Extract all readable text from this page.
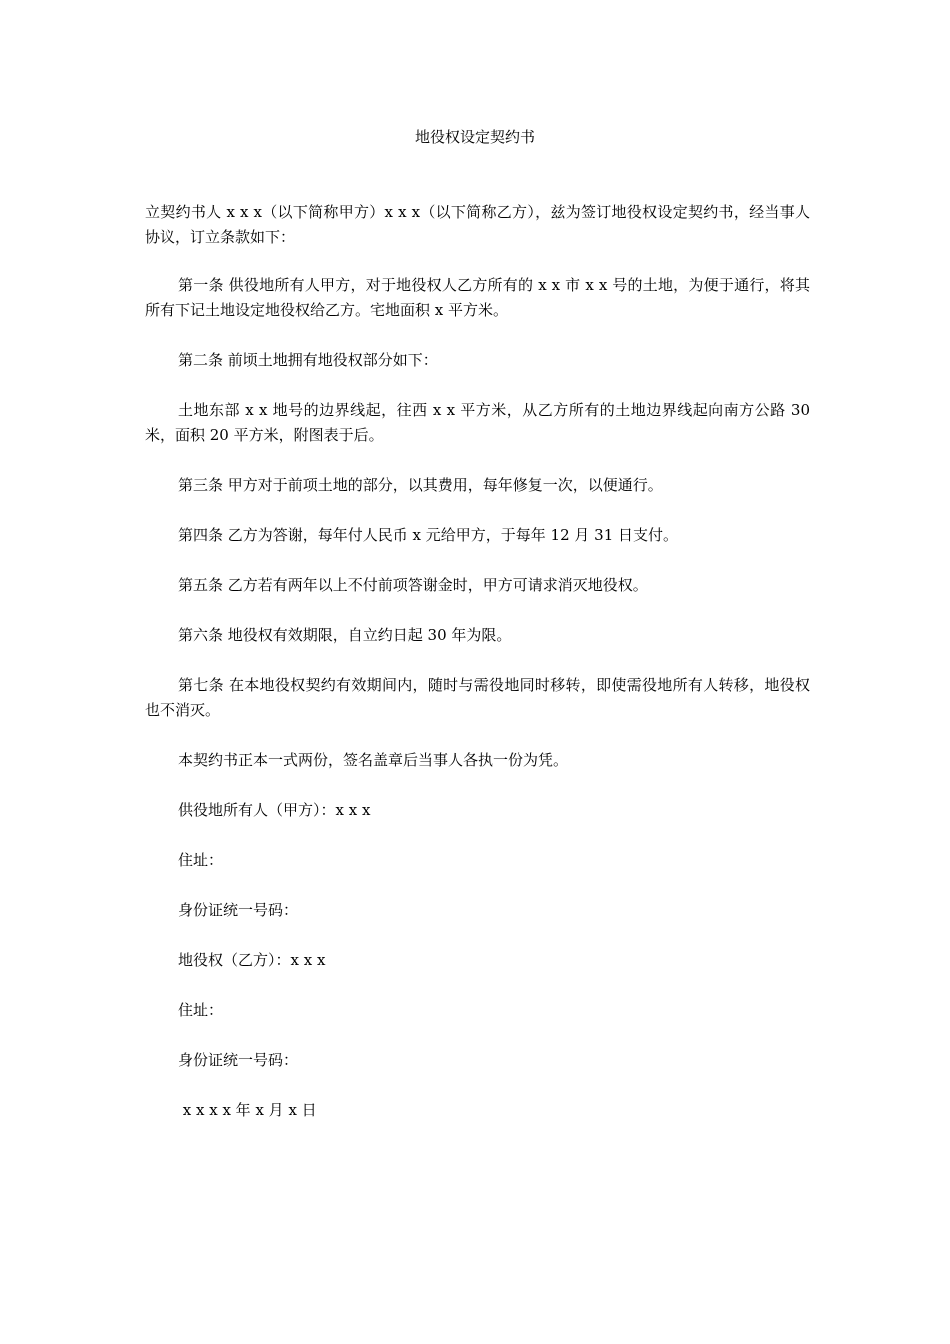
地役权设定契约书
立契约书人 x x x（以下简称甲方）x x x（以下简称乙方），兹为签订地役权设定契约书，经当事人协议，订立条款如下：
第一条 供役地所有人甲方，对于地役权人乙方所有的 x x 市 x x 号的土地，为便于通行，将其所有下记土地设定地役权给乙方。宅地面积 x 平方米。
第二条 前顷土地拥有地役权部分如下：
土地东部 x x 地号的边界线起，往西 x x 平方米，从乙方所有的土地边界线起向南方公路 30 米，面积 20 平方米，附图表于后。
第三条 甲方对于前项土地的部分，以其费用，每年修复一次，以便通行。
第四条 乙方为答谢，每年付人民币 x 元给甲方，于每年 12 月 31 日支付。
第五条 乙方若有两年以上不付前项答谢金时，甲方可请求消灭地役权。
第六条 地役权有效期限，自立约日起 30 年为限。
第七条 在本地役权契约有效期间内，随时与需役地同时移转，即使需役地所有人转移，地役权也不消灭。
本契约书正本一式两份，签名盖章后当事人各执一份为凭。
供役地所有人（甲方）：x x x
住址：
身份证统一号码：
地役权（乙方）：x x x
住址：
身份证统一号码：
x x x x 年 x 月 x 日
